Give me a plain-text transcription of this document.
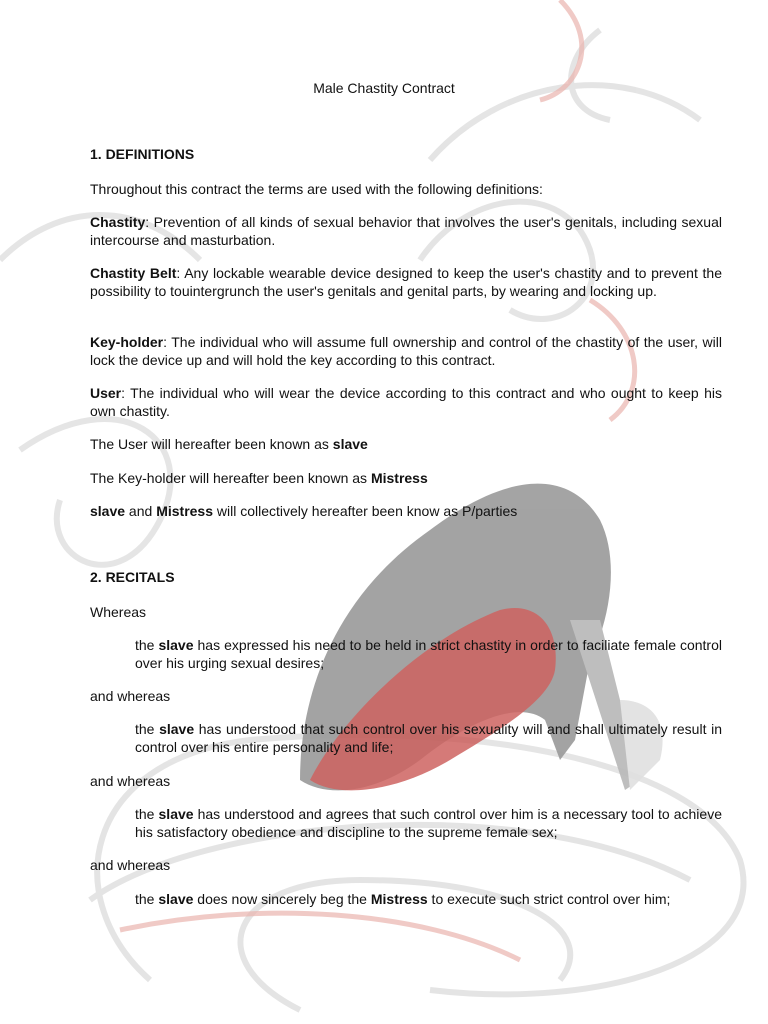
Male Chastity Contract
1. DEFINITIONS
Throughout this contract the terms are used with the following definitions:
Chastity: Prevention of all kinds of sexual behavior that involves the user's genitals, including sexual intercourse and masturbation.
Chastity Belt: Any lockable wearable device designed to keep the user's chastity and to prevent the possibility to touintergrunch the user's genitals and genital parts, by wearing and locking up.
Key-holder: The individual who will assume full ownership and control of the chastity of the user, will lock the device up and will hold the key according to this contract.
User: The individual who will wear the device according to this contract and who ought to keep his own chastity.
The User will hereafter been known as slave
The Key-holder will hereafter been known as Mistress
slave and Mistress will collectively hereafter been know as P/parties
2. RECITALS
Whereas
the slave has expressed his need to be held in strict chastity in order to faciliate female control over his urging sexual desires;
and whereas
the slave has understood that such control over his sexuality will and shall ultimately result in control over his entire personality and life;
and whereas
the slave has understood and agrees that such control over him is a necessary tool to achieve his satisfactory obedience and discipline to the supreme female sex;
and whereas
the slave does now sincerely beg the Mistress to execute such strict control over him;
